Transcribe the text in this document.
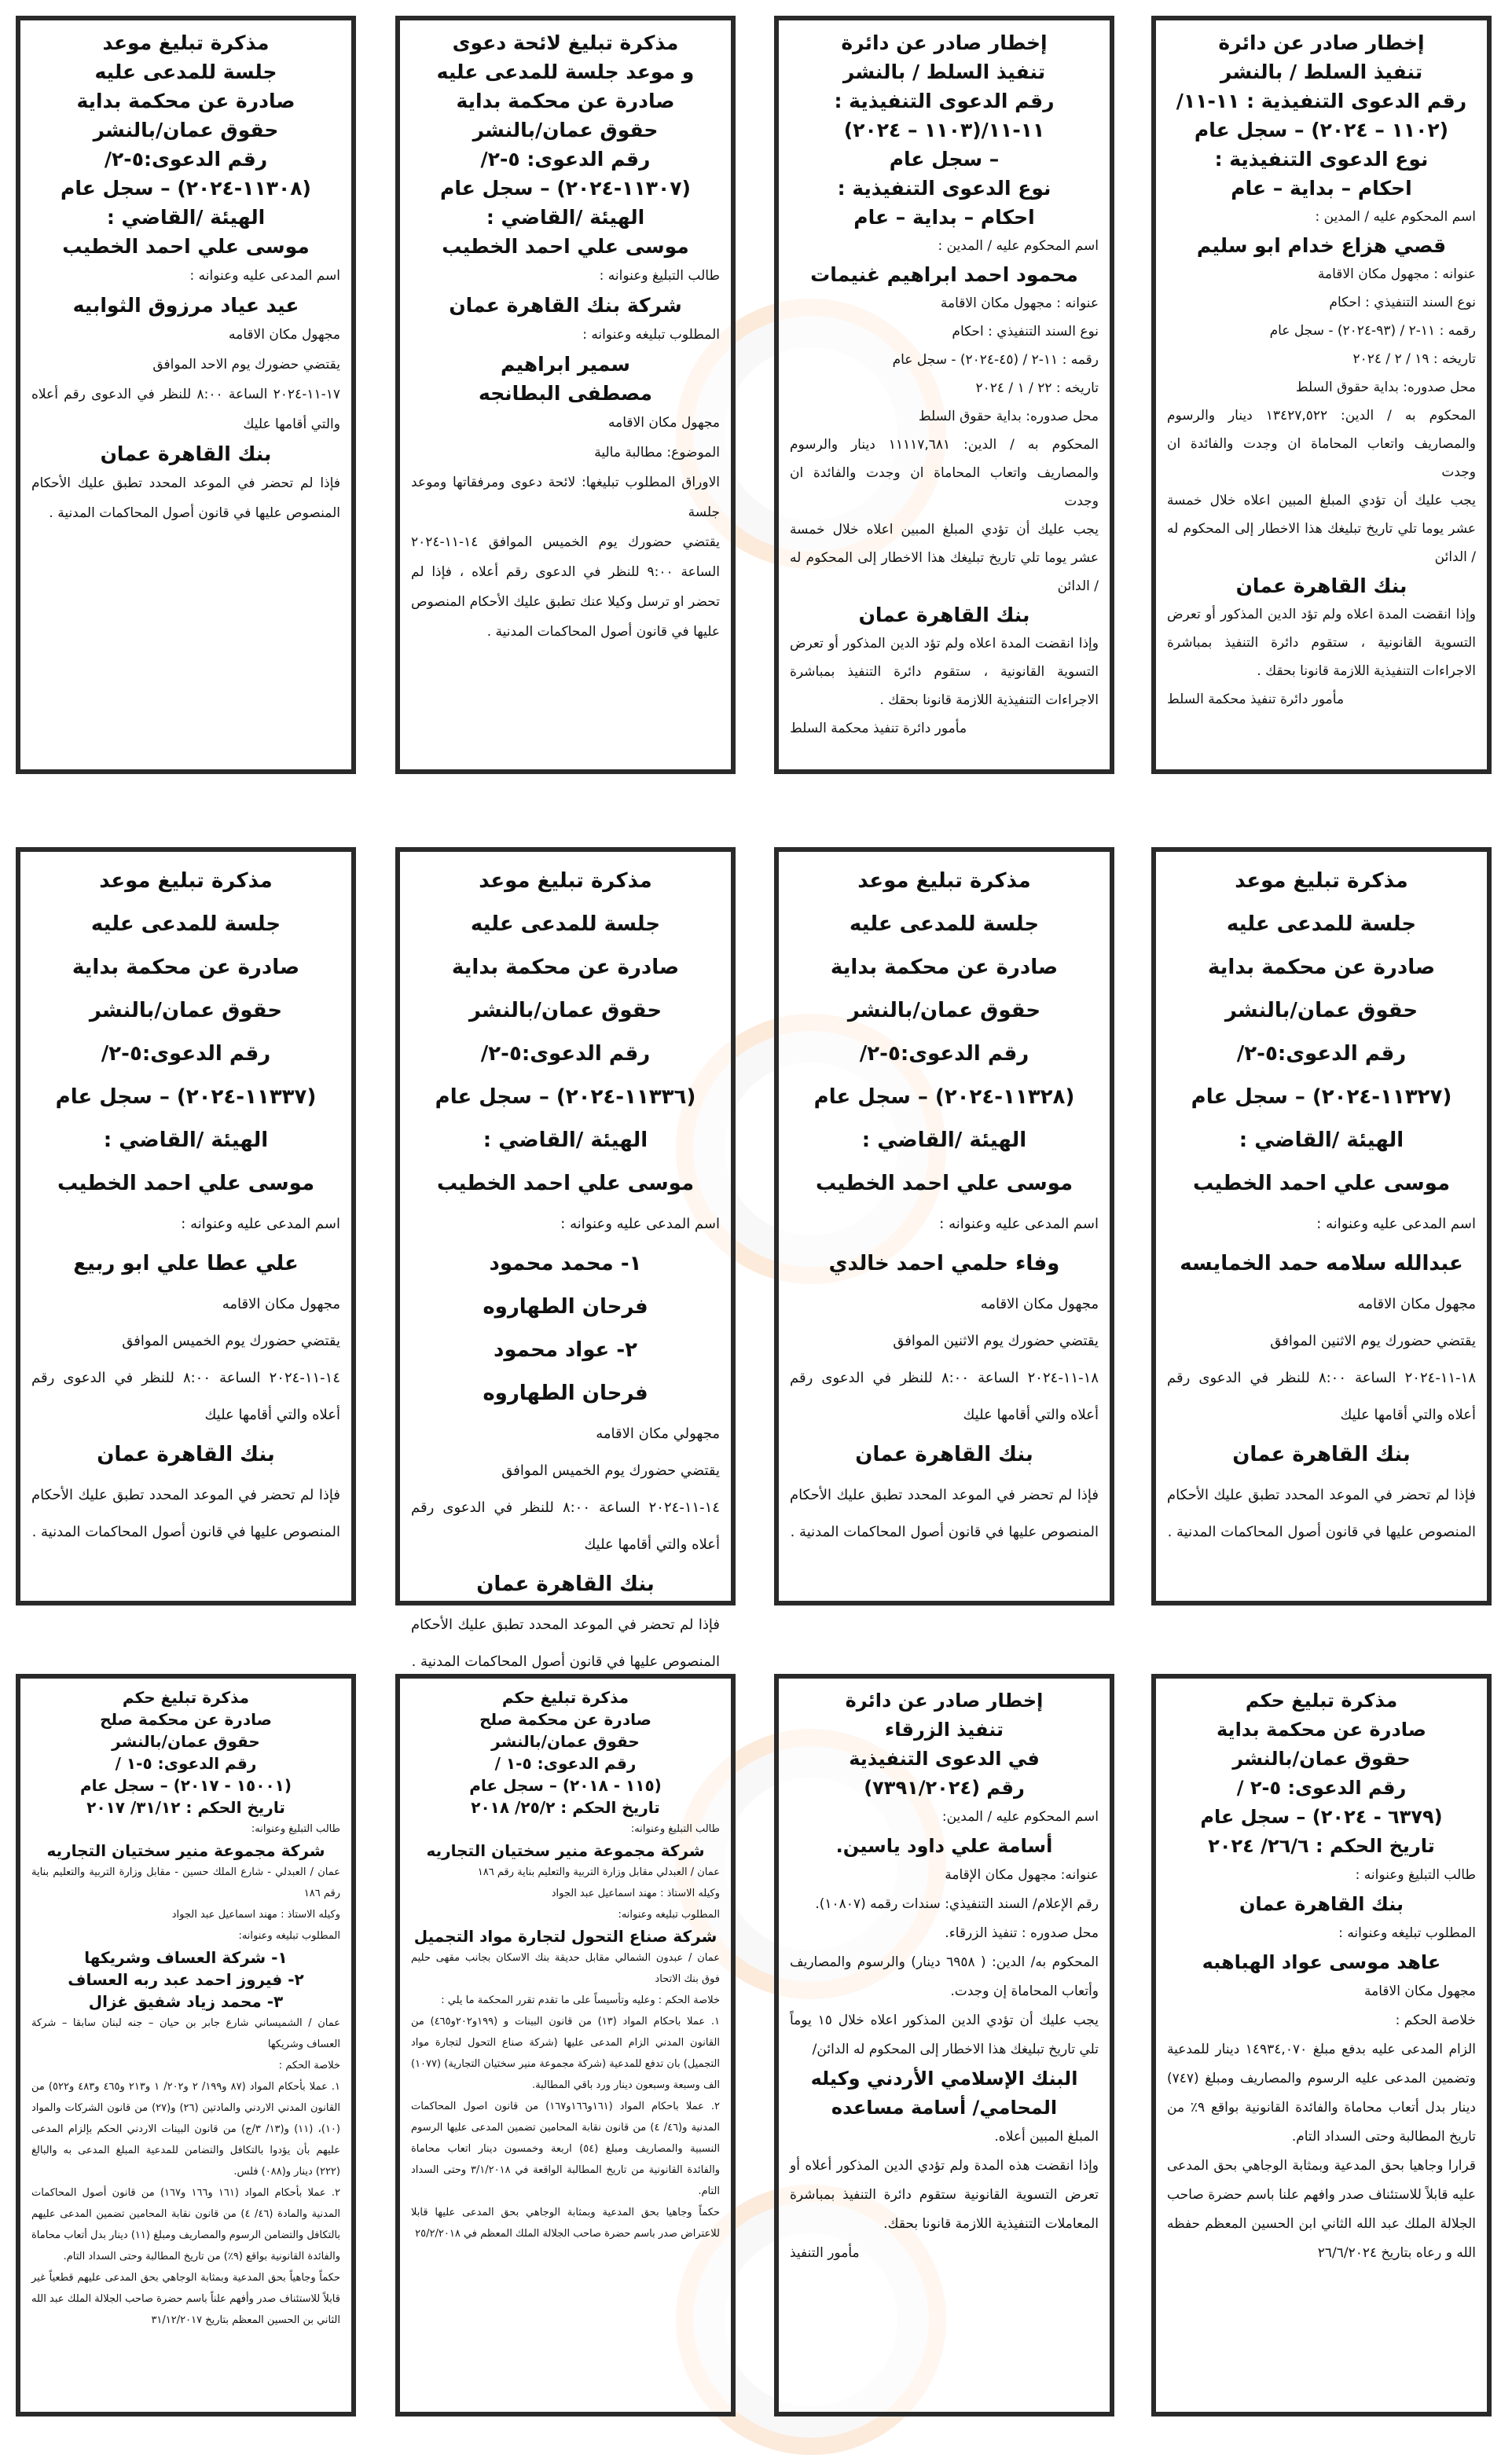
إخطار صادر عن دائرة
تنفيذ السلط / بالنشر
رقم الدعوى التنفيذية : ١١-١١/
(١١٠٢ – ٢٠٢٤) – سجل عام
نوع الدعوى التنفيذية :
احكام – بداية – عام
اسم المحكوم عليه / المدين :
قصي هزاع خدام ابو سليم
عنوانه : مجهول مكان الاقامة
نوع السند التنفيذي : احكام
رقمه : ١١-٢ / (٩٣-٢٠٢٤) - سجل عام
تاريخه : ١٩ / ٢ / ٢٠٢٤
محل صدوره: بداية حقوق السلط
المحكوم به / الدين: ١٣٤٢٧,٥٢٢ دينار والرسوم والمصاريف واتعاب المحاماة ان وجدت والفائدة ان وجدت
يجب عليك أن تؤدي المبلغ المبين اعلاه خلال خمسة عشر يوما تلي تاريخ تبليغك هذا الاخطار إلى المحكوم له / الدائن
بنك القاهرة عمان
وإذا انقضت المدة اعلاه ولم تؤد الدين المذكور أو تعرض التسوية القانونية ، ستقوم دائرة التنفيذ بمباشرة الاجراءات التنفيذية اللازمة قانونا بحقك .
مأمور دائرة تنفيذ محكمة السلط
إخطار صادر عن دائرة
تنفيذ السلط / بالنشر
رقم الدعوى التنفيذية :
١١-١١/(١١٠٣ – ٢٠٢٤)
– سجل عام
نوع الدعوى التنفيذية :
احكام – بداية – عام
اسم المحكوم عليه / المدين :
محمود احمد ابراهيم غنيمات
عنوانه : مجهول مكان الاقامة
نوع السند التنفيذي : احكام
رقمه : ١١-٢ / (٤٥-٢٠٢٤) - سجل عام
تاريخه : ٢٢ / ١ / ٢٠٢٤
محل صدوره: بداية حقوق السلط
المحكوم به / الدين: ١١١١٧,٦٨١ دينار والرسوم والمصاريف واتعاب المحاماة ان وجدت والفائدة ان وجدت
يجب عليك أن تؤدي المبلغ المبين اعلاه خلال خمسة عشر يوما تلي تاريخ تبليغك هذا الاخطار إلى المحكوم له / الدائن
بنك القاهرة عمان
وإذا انقضت المدة اعلاه ولم تؤد الدين المذكور أو تعرض التسوية القانونية ، ستقوم دائرة التنفيذ بمباشرة الاجراءات التنفيذية اللازمة قانونا بحقك .
مأمور دائرة تنفيذ محكمة السلط
مذكرة تبليغ لائحة دعوى
و موعد جلسة للمدعى عليه
صادرة عن محكمة بداية
حقوق عمان/بالنشر
رقم الدعوى: ٥-٢/
(١١٣٠٧-٢٠٢٤) – سجل عام
الهيئة /القاضي :
موسى علي احمد الخطيب
طالب التبليغ وعنوانه :
شركة بنك القاهرة عمان
المطلوب تبليغه وعنوانه :
سمير ابراهيم
مصطفى البطانجه
مجهول مكان الاقامه
الموضوع: مطالبة مالية
الاوراق المطلوب تبليغها: لائحة دعوى ومرفقاتها وموعد جلسة
يقتضي حضورك يوم الخميس الموافق ١٤-١١-٢٠٢٤ الساعة ٩:٠٠ للنظر في الدعوى رقم أعلاه ، فإذا لم تحضر او ترسل وكيلا عنك تطبق عليك الأحكام المنصوص عليها في قانون أصول المحاكمات المدنية .
مذكرة تبليغ موعد
جلسة للمدعى عليه
صادرة عن محكمة بداية
حقوق عمان/بالنشر
رقم الدعوى:٥-٢/
(١١٣٠٨-٢٠٢٤) – سجل عام
الهيئة /القاضي :
موسى علي احمد الخطيب
اسم المدعى عليه وعنوانه :
عيد عياد مرزوق الثوابيه
مجهول مكان الاقامه
يقتضي حضورك يوم الاحد الموافق
١٧-١١-٢٠٢٤ الساعة ٨:٠٠ للنظر في الدعوى رقم أعلاه والتي أقامها عليك
بنك القاهرة عمان
فإذا لم تحضر في الموعد المحدد تطبق عليك الأحكام المنصوص عليها في قانون أصول المحاكمات المدنية .
مذكرة تبليغ موعد
جلسة للمدعى عليه
صادرة عن محكمة بداية
حقوق عمان/بالنشر
رقم الدعوى:٥-٢/
(١١٣٢٧-٢٠٢٤) – سجل عام
الهيئة /القاضي :
موسى علي احمد الخطيب
اسم المدعى عليه وعنوانه :
عبدالله سلامه حمد الخمايسه
مجهول مكان الاقامه
يقتضي حضورك يوم الاثنين الموافق
١٨-١١-٢٠٢٤ الساعة ٨:٠٠ للنظر في الدعوى رقم أعلاه والتي أقامها عليك
بنك القاهرة عمان
فإذا لم تحضر في الموعد المحدد تطبق عليك الأحكام المنصوص عليها في قانون أصول المحاكمات المدنية .
مذكرة تبليغ موعد
جلسة للمدعى عليه
صادرة عن محكمة بداية
حقوق عمان/بالنشر
رقم الدعوى:٥-٢/
(١١٣٢٨-٢٠٢٤) – سجل عام
الهيئة /القاضي :
موسى علي احمد الخطيب
اسم المدعى عليه وعنوانه :
وفاء حلمي احمد خالدي
مجهول مكان الاقامه
يقتضي حضورك يوم الاثنين الموافق
١٨-١١-٢٠٢٤ الساعة ٨:٠٠ للنظر في الدعوى رقم أعلاه والتي أقامها عليك
بنك القاهرة عمان
فإذا لم تحضر في الموعد المحدد تطبق عليك الأحكام المنصوص عليها في قانون أصول المحاكمات المدنية .
مذكرة تبليغ موعد
جلسة للمدعى عليه
صادرة عن محكمة بداية
حقوق عمان/بالنشر
رقم الدعوى:٥-٢/
(١١٣٣٦-٢٠٢٤) – سجل عام
الهيئة /القاضي :
موسى علي احمد الخطيب
اسم المدعى عليه وعنوانه :
١- محمد محمود
فرحان الطهاروه
٢- عواد محمود
فرحان الطهاروه
مجهولي مكان الاقامه
يقتضي حضورك يوم الخميس الموافق
١٤-١١-٢٠٢٤ الساعة ٨:٠٠ للنظر في الدعوى رقم أعلاه والتي أقامها عليك
بنك القاهرة عمان
فإذا لم تحضر في الموعد المحدد تطبق عليك الأحكام المنصوص عليها في قانون أصول المحاكمات المدنية .
مذكرة تبليغ موعد
جلسة للمدعى عليه
صادرة عن محكمة بداية
حقوق عمان/بالنشر
رقم الدعوى:٥-٢/
(١١٣٣٧-٢٠٢٤) – سجل عام
الهيئة /القاضي :
موسى علي احمد الخطيب
اسم المدعى عليه وعنوانه :
علي عطا علي ابو ربيع
مجهول مكان الاقامه
يقتضي حضورك يوم الخميس الموافق
١٤-١١-٢٠٢٤ الساعة ٨:٠٠ للنظر في الدعوى رقم أعلاه والتي أقامها عليك
بنك القاهرة عمان
فإذا لم تحضر في الموعد المحدد تطبق عليك الأحكام المنصوص عليها في قانون أصول المحاكمات المدنية .
مذكرة تبليغ حكم
صادرة عن محكمة بداية
حقوق عمان/بالنشر
رقم الدعوى: ٥-٢ /
(٦٣٧٩ - ٢٠٢٤) – سجل عام
تاريخ الحكم : ٢٦/٦/ ٢٠٢٤
طالب التبليغ وعنوانه :
بنك القاهرة عمان
المطلوب تبليغه وعنوانه :
عاهد موسى عواد الهباهبه
مجهول مكان الاقامة
خلاصة الحكم :
الزام المدعى عليه بدفع مبلغ ١٤٩٣٤,٠٧٠ دينار للمدعية وتضمين المدعى عليه الرسوم والمصاريف ومبلغ (٧٤٧) دينار بدل أتعاب محاماة والفائدة القانونية بواقع ٩٪ من تاريخ المطالبة وحتى السداد التام.
قرارا وجاهيا بحق المدعية وبمثابة الوجاهي بحق المدعى عليه قابلاً للاستئناف صدر وافهم علنا باسم حضرة صاحب الجلالة الملك عبد الله الثاني ابن الحسين المعظم حفظه الله و رعاه بتاريخ ٢٦/٦/٢٠٢٤
إخطار صادر عن دائرة
تنفيذ الزرقاء
في الدعوى التنفيذية
رقم (٧٣٩١/٢٠٢٤)
اسم المحكوم عليه / المدين:
أسامة علي داود ياسين.
عنوانه: مجهول مكان الإقامة
رقم الإعلام/ السند التنفيذي: سندات رقمه (١٠٨٠٧).
محل صدوره : تنفيذ الزرقاء.
المحكوم به/ الدين: ( ٦٩٥٨ دينار) والرسوم والمصاريف وأتعاب المحاماة إن وجدت.
يجب عليك أن تؤدي الدين المذكور اعلاه خلال ١٥ يوماً تلي تاريخ تبليغك هذا الاخطار إلى المحكوم له الدائن/
البنك الإسلامي الأردني وكيله المحامي/ أسامة مساعده
المبلغ المبين أعلاه.
وإذا انقضت هذه المدة ولم تؤدي الدين المذكور أعلاه أو تعرض التسوية القانونية ستقوم دائرة التنفيذ بمباشرة المعاملات التنفيذية اللازمة قانونا بحقك.
مأمور التنفيذ
مذكرة تبليغ حكم
صادرة عن محكمة صلح
حقوق عمان/بالنشر
رقم الدعوى: ٥-١ /
(١١٥ - ٢٠١٨) – سجل عام
تاريخ الحكم : ٢٥/٢/ ٢٠١٨
طالب التبليغ وعنوانه:
شركة مجموعة منير سختيان التجاريه
عمان / العبدلي مقابل وزارة التربية والتعليم بناية رقم ١٨٦
وكيله الاستاذ : مهند اسماعيل عبد الجواد
المطلوب تبليغه وعنوانه:
شركة صناع التحول لتجارة مواد التجميل
عمان / عبدون الشمالي مقابل حديقة بنك الاسكان بجانب مقهى حليم فوق بنك الاتحاد
خلاصة الحكم : وعليه وتأسيساً على ما تقدم تقرر المحكمة ما يلي :
١. عملا باحكام المواد (١٣) من قانون البينات و (١٩٩و٢٠٢و٤٦٥) من القانون المدني الزام المدعى عليها (شركة صناع التحول لتجارة مواد التجميل) بان تدفع للمدعية (شركة مجموعة منير سختيان التجارية) (١٠٧٧) الف وسبعة وسبعون دينار ورد باقي المطالبة.
٢. عملا باحكام المواد (١٦١و١٦٦و١٦٧) من قانون اصول المحاكمات المدنية و(٤٦/ ٤) من قانون نقابة المحامين تضمين المدعى عليها الرسوم النسبية والمصاريف ومبلغ (٥٤) اربعة وخمسون دينار اتعاب محاماة والفائدة القانونية من تاريخ المطالبة الواقعة في ٣/١/٢٠١٨ وحتى السداد التام.
حكماً وجاهيا بحق المدعية وبمثابة الوجاهي بحق المدعى عليها قابلا للاعتراض صدر باسم حضرة صاحب الجلالة الملك المعظم في ٢٥/٢/٢٠١٨
مذكرة تبليغ حكم
صادرة عن محكمة صلح
حقوق عمان/بالنشر
رقم الدعوى: ٥-١ /
(١٥٠٠١ - ٢٠١٧) – سجل عام
تاريخ الحكم : ٣١/١٢/ ٢٠١٧
طالب التبليغ وعنوانه:
شركة مجموعة منير سختيان التجاريه
عمان / العبدلي - شارع الملك حسين - مقابل وزارة التربية والتعليم بناية رقم ١٨٦
وكيله الاستاذ : مهند اسماعيل عبد الجواد
المطلوب تبليغه وعنوانه:
١- شركة العساف وشريكها
٢- فيروز احمد عبد ربه العساف
٣- محمد زياد شفيق غزال
عمان / الشميساني شارع جابر بن حيان – جنه لبنان سابقا – شركة العساف وشريكها
خلاصة الحكم :
١. عملا بأحكام المواد (٨٧ و١٩٩/ ٢ و٢٠٢/ ١ و٢١٣ و٤٦٥ و٤٨٣ و٥٢٢) من القانون المدني الاردني والمادتين (٢٦) و(٢٧) من قانون الشركات والمواد (١٠)، (١١) و(١٣/ ٣/ج) من قانون البينات الاردني الحكم بإلزام المدعى عليهم بأن يؤدوا بالتكافل والتضامن للمدعية المبلغ المدعى به والبالغ (٢٢٢) دينار و(٠٨٨) فلس.
٢. عملا بأحكام المواد (١٦١ و١٦٦ و١٦٧) من قانون أصول المحاكمات المدنية والمادة (٤٦/ ٤) من قانون نقابة المحامين تضمين المدعى عليهم بالتكافل والتضامن الرسوم والمصاريف ومبلغ (١١) دينار بدل أتعاب محاماة والفائدة القانونية بواقع (٩٪) من تاريخ المطالبة وحتى السداد التام.
حكماً وجاهياً بحق المدعية وبمثابة الوجاهي بحق المدعى عليهم قطعياً غير قابلاً للاستئناف صدر وأفهم علناً باسم حضرة صاحب الجلالة الملك عبد الله الثاني بن الحسين المعظم بتاريخ ٣١/١٢/٢٠١٧
